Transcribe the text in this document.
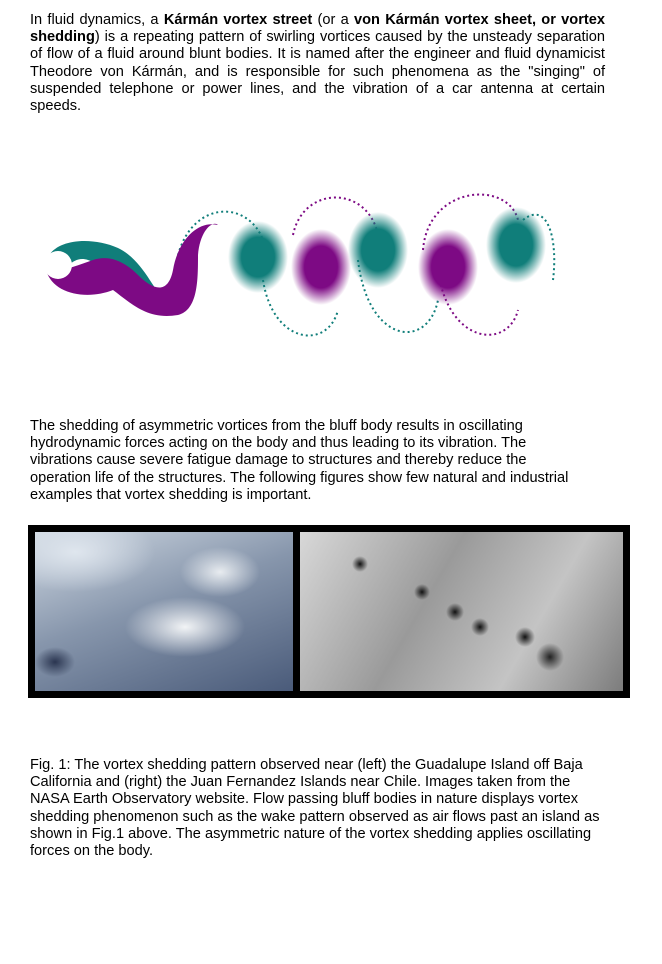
In fluid dynamics, a Kármán vortex street (or a von Kármán vortex sheet, or vortex shedding) is a repeating pattern of swirling vortices caused by the unsteady separation of flow of a fluid around blunt bodies. It is named after the engineer and fluid dynamicist Theodore von Kármán, and is responsible for such phenomena as the "singing" of suspended telephone or power lines, and the vibration of a car antenna at certain speeds.

The shedding of asymmetric vortices from the bluff body results in oscillating hydrodynamic forces acting on the body and thus leading to its vibration. The vibrations cause severe fatigue damage to structures and thereby reduce the operation life of the structures. The following figures show few natural and industrial examples that vortex shedding is important.

Fig. 1: The vortex shedding pattern observed near (left) the Guadalupe Island off Baja California and (right) the Juan Fernandez Islands near Chile. Images taken from the NASA Earth Observatory website. Flow passing bluff bodies in nature displays vortex shedding phenomenon such as the wake pattern observed as air flows past an island as shown in Fig.1 above. The asymmetric nature of the vortex shedding applies oscillating forces on the body.
